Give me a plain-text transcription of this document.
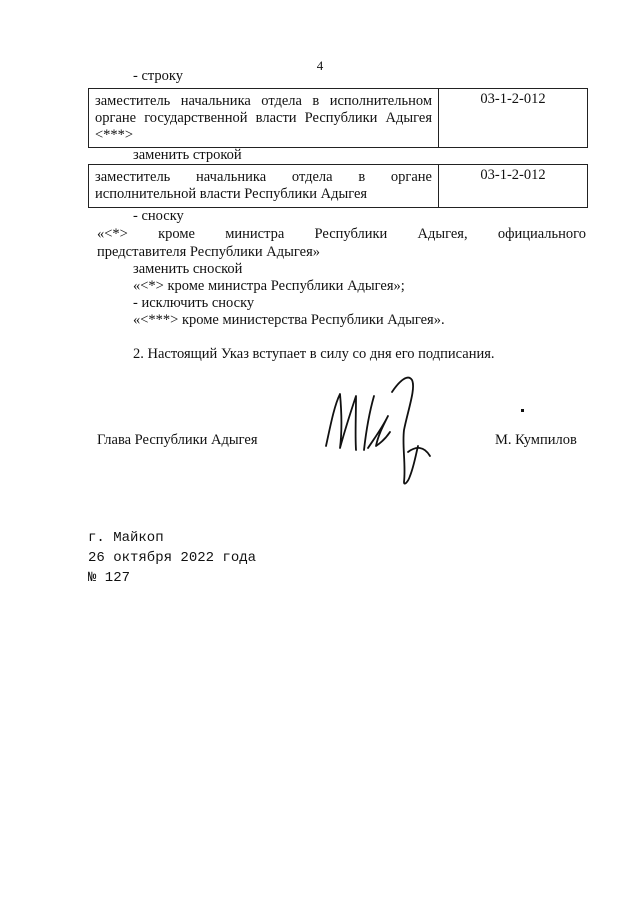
4
- строку
заместитель начальника отдела в исполнительном
органе государственной власти Республики Адыгея
<***>
03-1-2-012
заменить строкой
заместитель начальника отдела в органе
исполнительной власти Республики Адыгея
03-1-2-012
- сноску
«<*> кроме министра Республики Адыгея, официального
представителя Республики Адыгея»
заменить сноской
«<*> кроме министра Республики Адыгея»;
- исключить сноску
«<***> кроме министерства Республики Адыгея».
2. Настоящий Указ вступает в силу со дня его подписания.
Глава Республики Адыгея	М. Кумпилов
г. Майкоп
26 октября 2022 года
№ 127
